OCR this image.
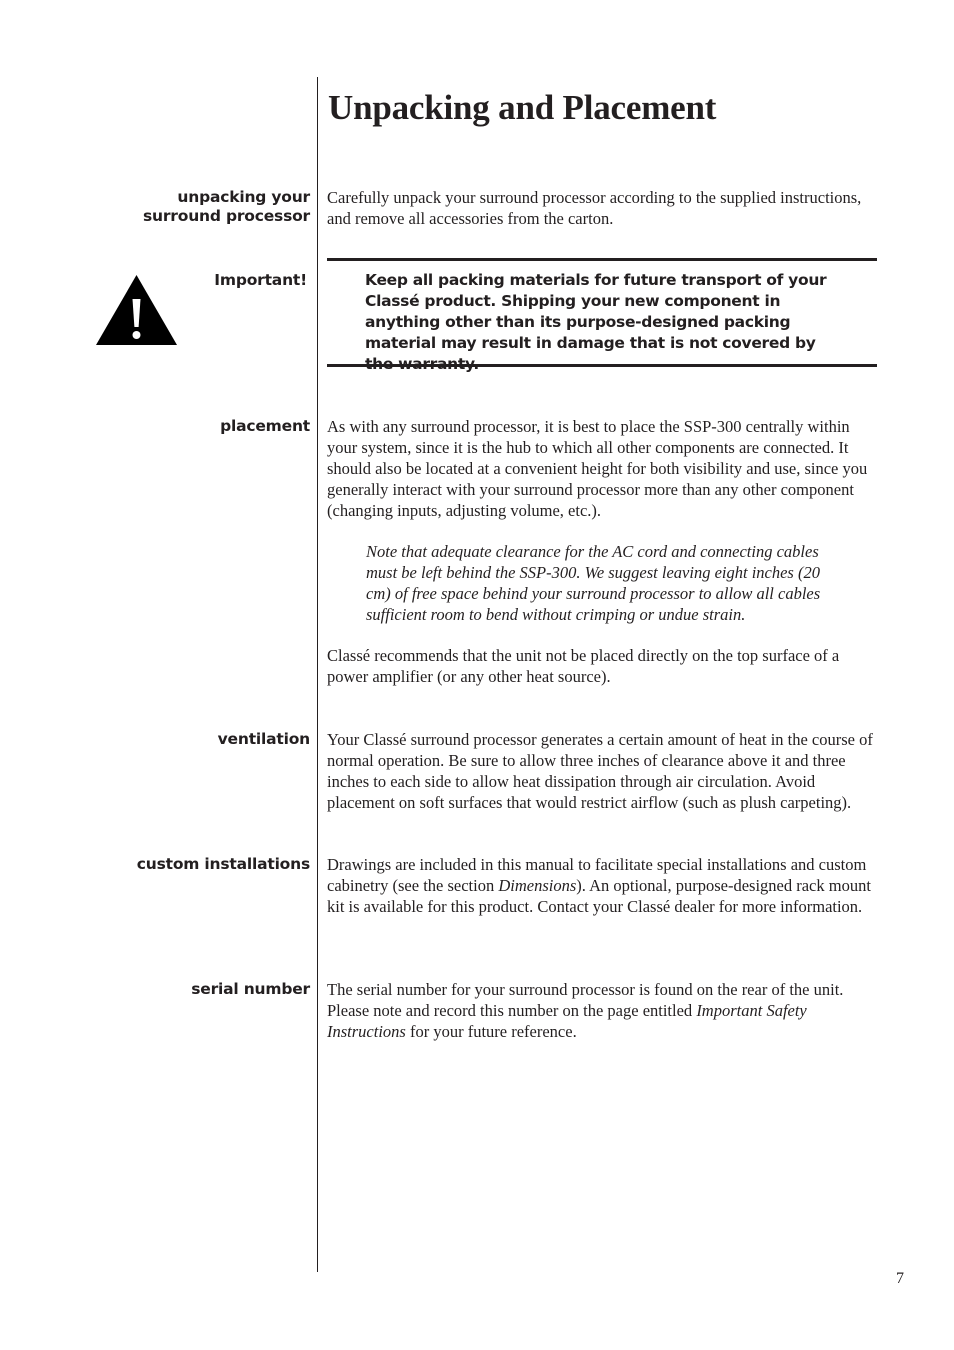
Unpacking and Placement
unpacking your
surround processor

Carefully unpack your surround processor according to the supplied instructions, and remove all accessories from the carton.

Important!	Keep all packing materials for future transport of your Classé product. Shipping your new component in anything other than its purpose-designed packing material may result in damage that is not covered by

placement As with any surround processor, it is best to place the SSP-300 centrally within your system, since it is the hub to which all other components are connected. It should also be located at a convenient height for both visibility and use, since you generally interact with your surround processor more than any other component (changing inputs, adjusting volume, etc.).

Note that adequate clearance for the AC cord and connecting cables must be left behind the SSP-300. We suggest leaving eight inches (20 cm) of free space behind your surround processor to allow all cables sufficient room to bend without crimping or undue strain.

Classé recommends that the unit not be placed directly on the top surface of a power amplifier (or any other heat source).

ventilation Your Classé surround processor generates a certain amount of heat in the course of normal operation. Be sure to allow three inches of clearance above it and three inches to each side to allow heat dissipation through air circulation. Avoid placement on soft surfaces that would restrict airflow (such as plush carpeting).

custom installations Drawings are included in this manual to facilitate special installations and custom cabinetry (see the section Dimensions). An optional, purpose-designed rack mount kit is available for this product. Contact your Classé dealer for more information.

serial number The serial number for your surround processor is found on the rear of the unit. Please note and record this number on the page entitled Important Safety Instructions for your future reference.

7
